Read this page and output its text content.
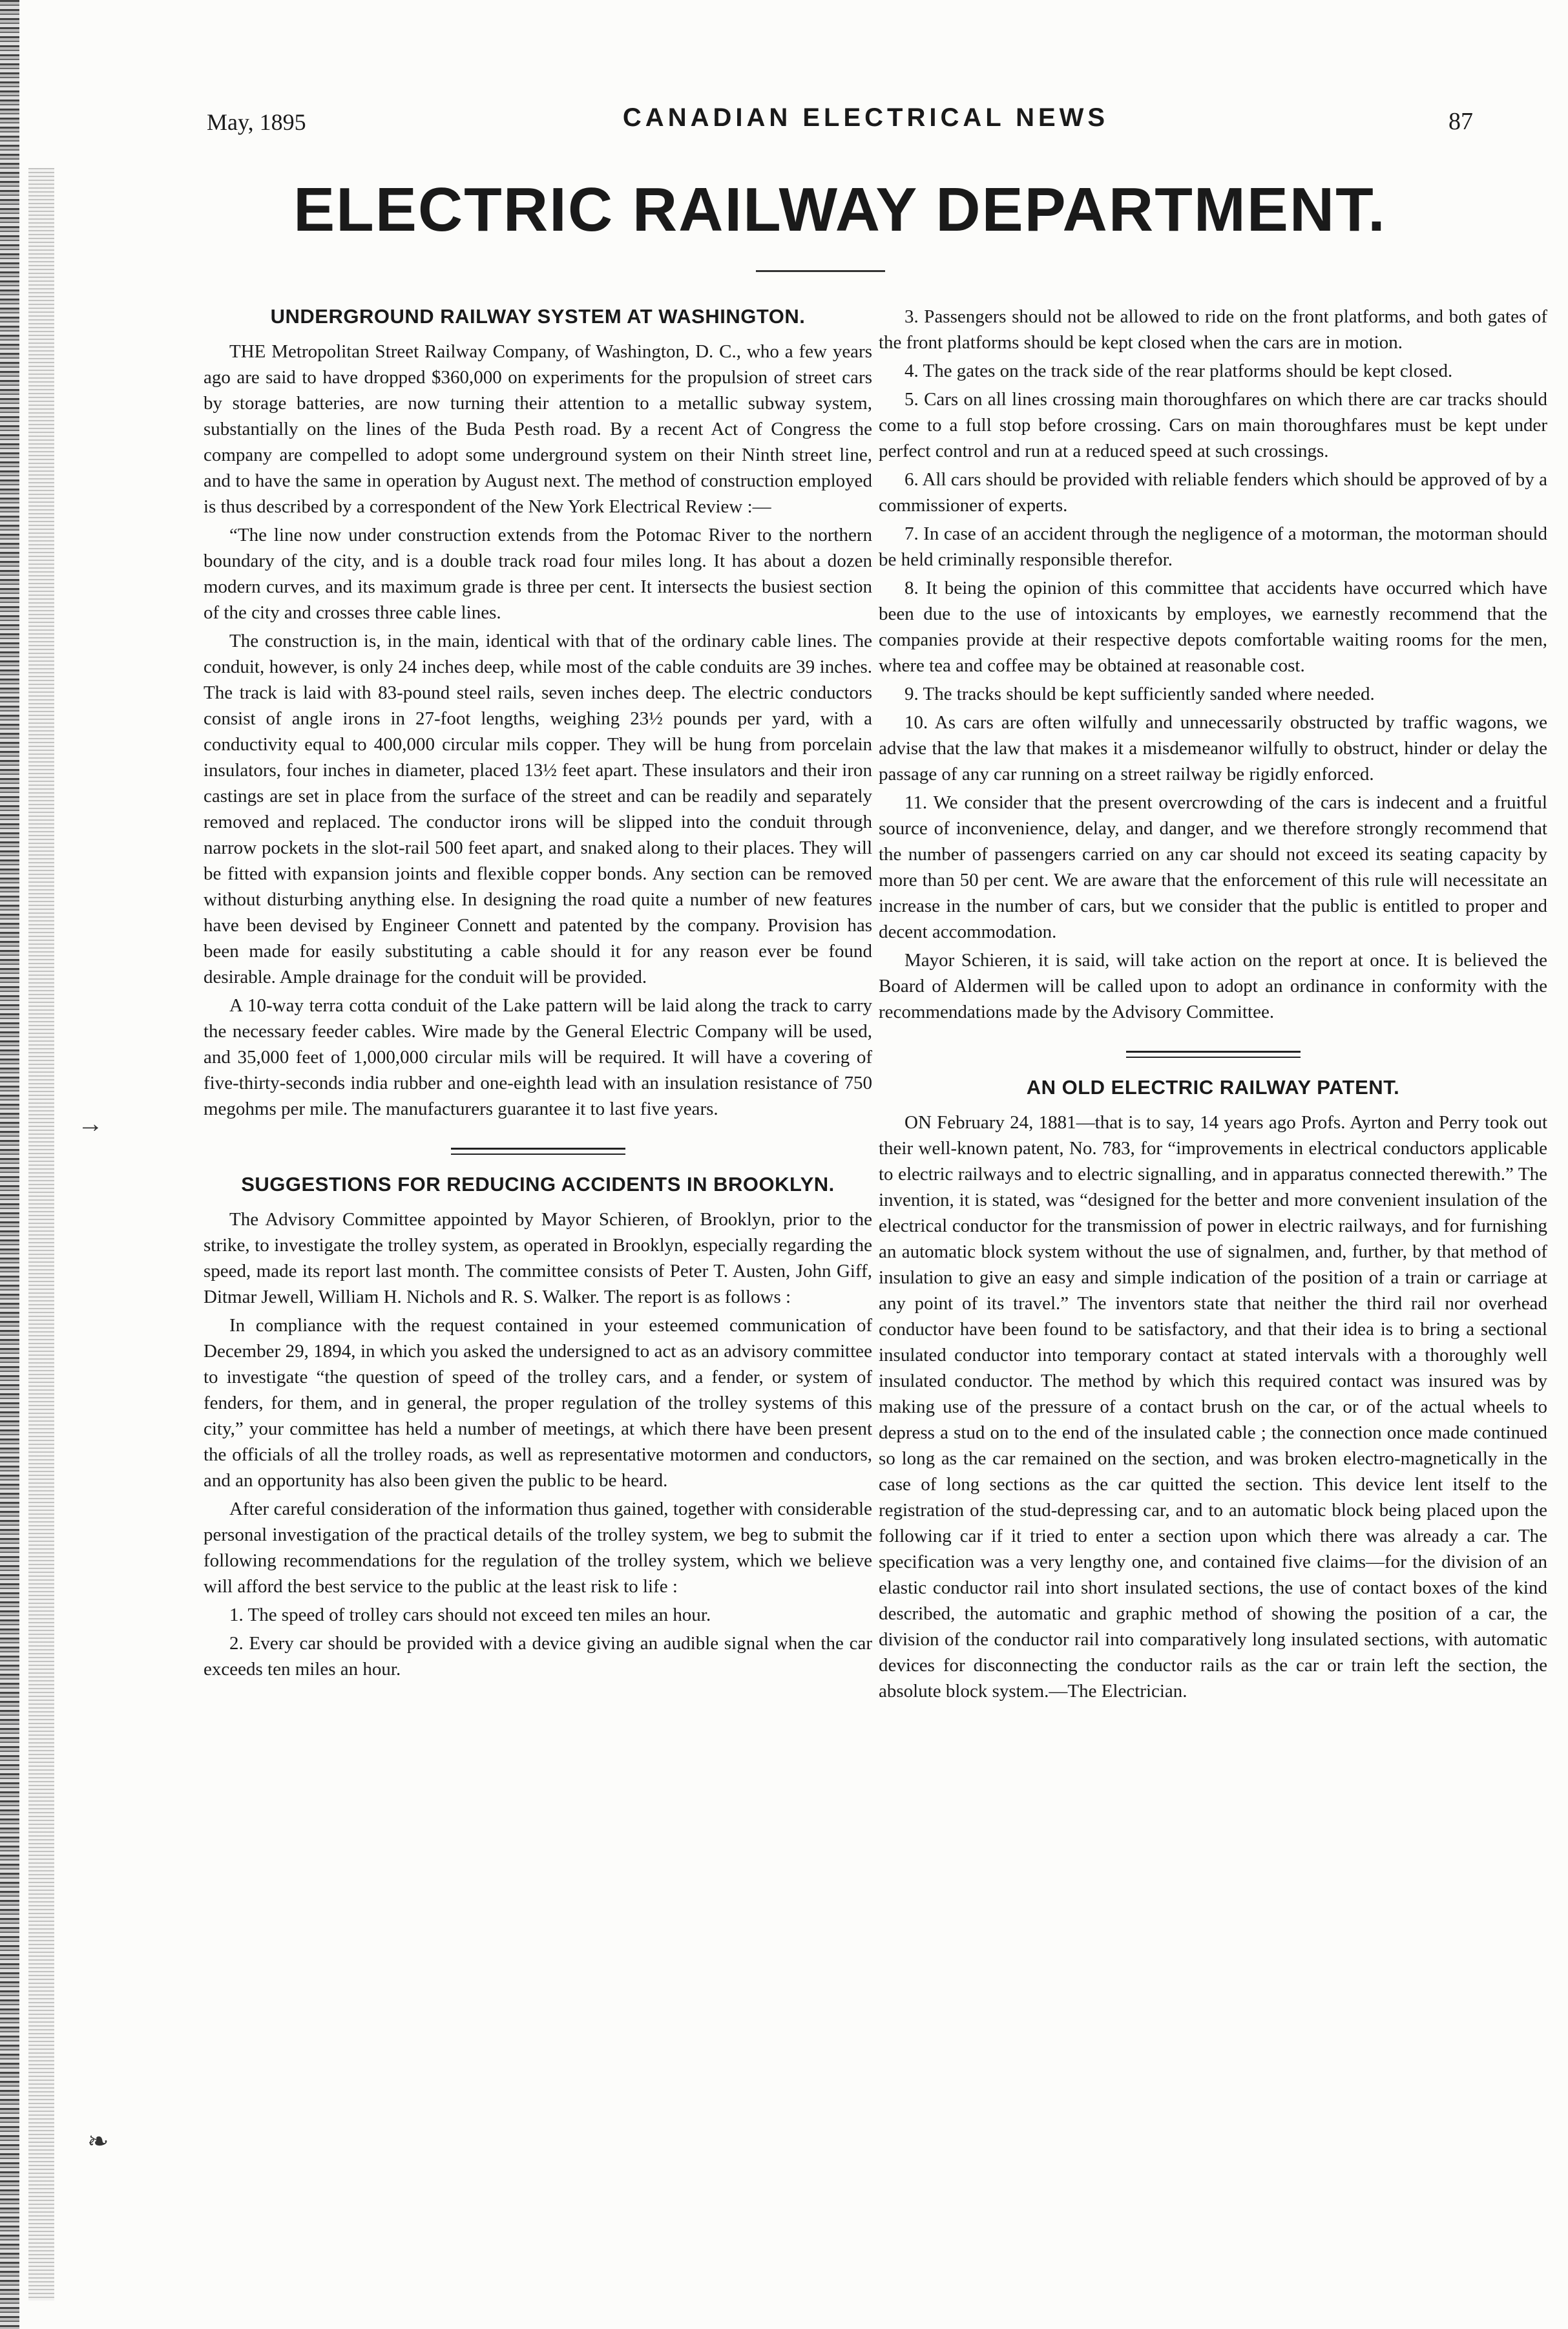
May, 1895	CANADIAN ELECTRICAL NEWS	87
ELECTRIC RAILWAY DEPARTMENT.
UNDERGROUND RAILWAY SYSTEM AT WASHINGTON.

THE Metropolitan Street Railway Company, of Washington, D. C., who a few years ago are said to have dropped $360,000 on experiments for the propulsion of street cars by storage batteries, are now turning their attention to a metallic subway system, substantially on the lines of the Buda Pesth road. By a recent Act of Congress the company are compelled to adopt some underground system on their Ninth street line, and to have the same in operation by August next. The method of construction employed is thus described by a correspondent of the New York Electrical Review :—

“The line now under construction extends from the Potomac River to the northern boundary of the city, and is a double track road four miles long. It has about a dozen modern curves, and its maximum grade is three per cent. It intersects the busiest section of the city and crosses three cable lines.

The construction is, in the main, identical with that of the ordinary cable lines. The conduit, however, is only 24 inches deep, while most of the cable conduits are 39 inches. The track is laid with 83-pound steel rails, seven inches deep. The electric conductors consist of angle irons in 27-foot lengths, weighing 23½ pounds per yard, with a conductivity equal to 400,000 circular mils copper. They will be hung from porcelain insulators, four inches in diameter, placed 13½ feet apart. These insulators and their iron castings are set in place from the surface of the street and can be readily and separately removed and replaced. The conductor irons will be slipped into the conduit through narrow pockets in the slot-rail 500 feet apart, and snaked along to their places. They will be fitted with expansion joints and flexible copper bonds. Any section can be removed without disturbing anything else. In designing the road quite a number of new features have been devised by Engineer Connett and patented by the company. Provision has been made for easily substituting a cable should it for any reason ever be found desirable. Ample drainage for the conduit will be provided.

A 10-way terra cotta conduit of the Lake pattern will be laid along the track to carry the necessary feeder cables. Wire made by the General Electric Company will be used, and 35,000 feet of 1,000,000 circular mils will be required. It will have a covering of five-thirty-seconds india rubber and one-eighth lead with an insulation resistance of 750 megohms per mile. The manufacturers guarantee it to last five years.

SUGGESTIONS FOR REDUCING ACCIDENTS IN BROOKLYN.

The Advisory Committee appointed by Mayor Schieren, of Brooklyn, prior to the strike, to investigate the trolley system, as operated in Brooklyn, especially regarding the speed, made its report last month. The committee consists of Peter T. Austen, John Giff, Ditmar Jewell, William H. Nichols and R. S. Walker. The report is as follows :

In compliance with the request contained in your esteemed communication of December 29, 1894, in which you asked the undersigned to act as an advisory committee to investigate “the question of speed of the trolley cars, and a fender, or system of fenders, for them, and in general, the proper regulation of the trolley systems of this city,” your committee has held a number of meetings, at which there have been present the officials of all the trolley roads, as well as representative motormen and conductors, and an opportunity has also been given the public to be heard.

After careful consideration of the information thus gained, together with considerable personal investigation of the practical details of the trolley system, we beg to submit the following recommendations for the regulation of the trolley system, which we believe will afford the best service to the public at the least risk to life :

1. The speed of trolley cars should not exceed ten miles an hour.

2. Every car should be provided with a device giving an audible signal when the car exceeds ten miles an hour.

3. Passengers should not be allowed to ride on the front platforms, and both gates of the front platforms should be kept closed when the cars are in motion.

4. The gates on the track side of the rear platforms should be kept closed.

5. Cars on all lines crossing main thoroughfares on which there are car tracks should come to a full stop before crossing. Cars on main thoroughfares must be kept under perfect control and run at a reduced speed at such crossings.

6. All cars should be provided with reliable fenders which should be approved of by a commissioner of experts.

7. In case of an accident through the negligence of a motorman, the motorman should be held criminally responsible therefor.

8. It being the opinion of this committee that accidents have occurred which have been due to the use of intoxicants by employes, we earnestly recommend that the companies provide at their respective depots comfortable waiting rooms for the men, where tea and coffee may be obtained at reasonable cost.

9. The tracks should be kept sufficiently sanded where needed.

10. As cars are often wilfully and unnecessarily obstructed by traffic wagons, we advise that the law that makes it a misdemeanor wilfully to obstruct, hinder or delay the passage of any car running on a street railway be rigidly enforced.

11. We consider that the present overcrowding of the cars is indecent and a fruitful source of inconvenience, delay, and danger, and we therefore strongly recommend that the number of passengers carried on any car should not exceed its seating capacity by more than 50 per cent. We are aware that the enforcement of this rule will necessitate an increase in the number of cars, but we consider that the public is entitled to proper and decent accommodation.

Mayor Schieren, it is said, will take action on the report at once. It is believed the Board of Aldermen will be called upon to adopt an ordinance in conformity with the recommendations made by the Advisory Committee.

AN OLD ELECTRIC RAILWAY PATENT.

ON February 24, 1881—that is to say, 14 years ago Profs. Ayrton and Perry took out their well-known patent, No. 783, for “improvements in electrical conductors applicable to electric railways and to electric signalling, and in apparatus connected therewith.” The invention, it is stated, was “designed for the better and more convenient insulation of the electrical conductor for the transmission of power in electric railways, and for furnishing an automatic block system without the use of signalmen, and, further, by that method of insulation to give an easy and simple indication of the position of a train or carriage at any point of its travel.” The inventors state that neither the third rail nor overhead conductor have been found to be satisfactory, and that their idea is to bring a sectional insulated conductor into temporary contact at stated intervals with a thoroughly well insulated conductor. The method by which this required contact was insured was by making use of the pressure of a contact brush on the car, or of the actual wheels to depress a stud on to the end of the insulated cable ; the connection once made continued so long as the car remained on the section, and was broken electro-magnetically in the case of long sections as the car quitted the section. This device lent itself to the registration of the stud-depressing car, and to an automatic block being placed upon the following car if it tried to enter a section upon which there was already a car. The specification was a very lengthy one, and contained five claims—for the division of an elastic conductor rail into short insulated sections, the use of contact boxes of the kind described, the automatic and graphic method of showing the position of a car, the division of the conductor rail into comparatively long insulated sections, with automatic devices for disconnecting the conductor rails as the car or train left the section, the absolute block system.—The Electrician.

→
❧
